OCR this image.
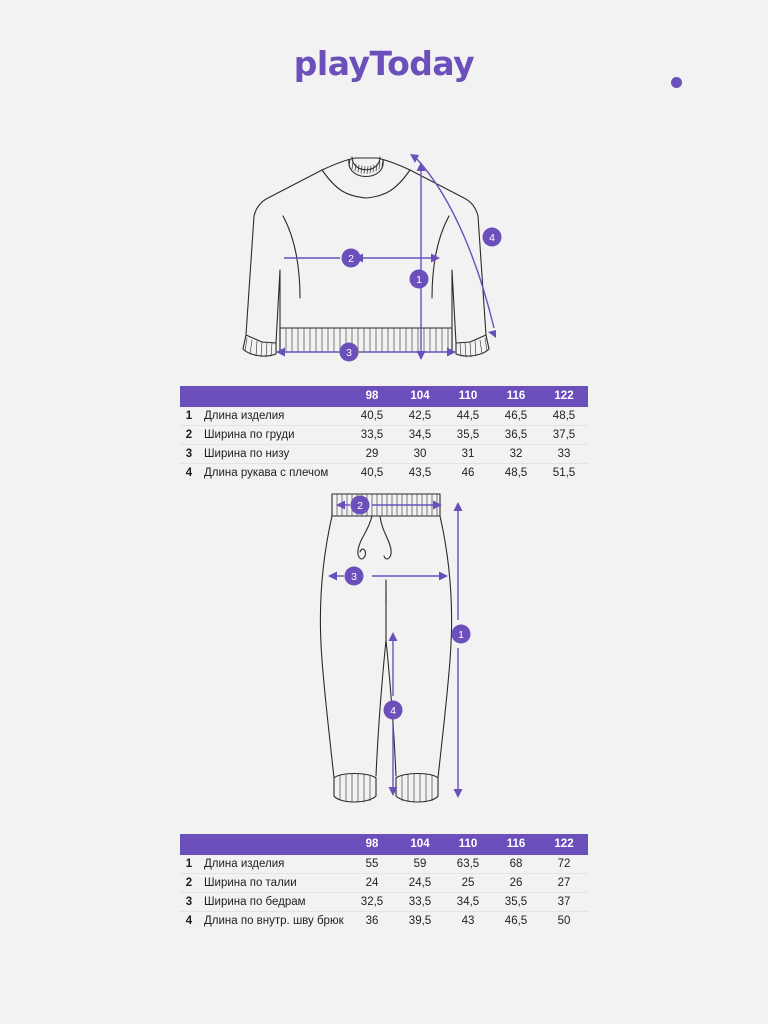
playToday
1
2
3
4
		98	104	110	116	122
1	Длина изделия	40,5	42,5	44,5	46,5	48,5
2	Ширина по груди	33,5	34,5	35,5	36,5	37,5
3	Ширина по низу	29	30	31	32	33
4	Длина рукава с плечом	40,5	43,5	46	48,5	51,5
1
2
3
4
		98	104	110	116	122
1	Длина изделия	55	59	63,5	68	72
2	Ширина по талии	24	24,5	25	26	27
3	Ширина по бедрам	32,5	33,5	34,5	35,5	37
4	Длина по внутр. шву брюк	36	39,5	43	46,5	50
